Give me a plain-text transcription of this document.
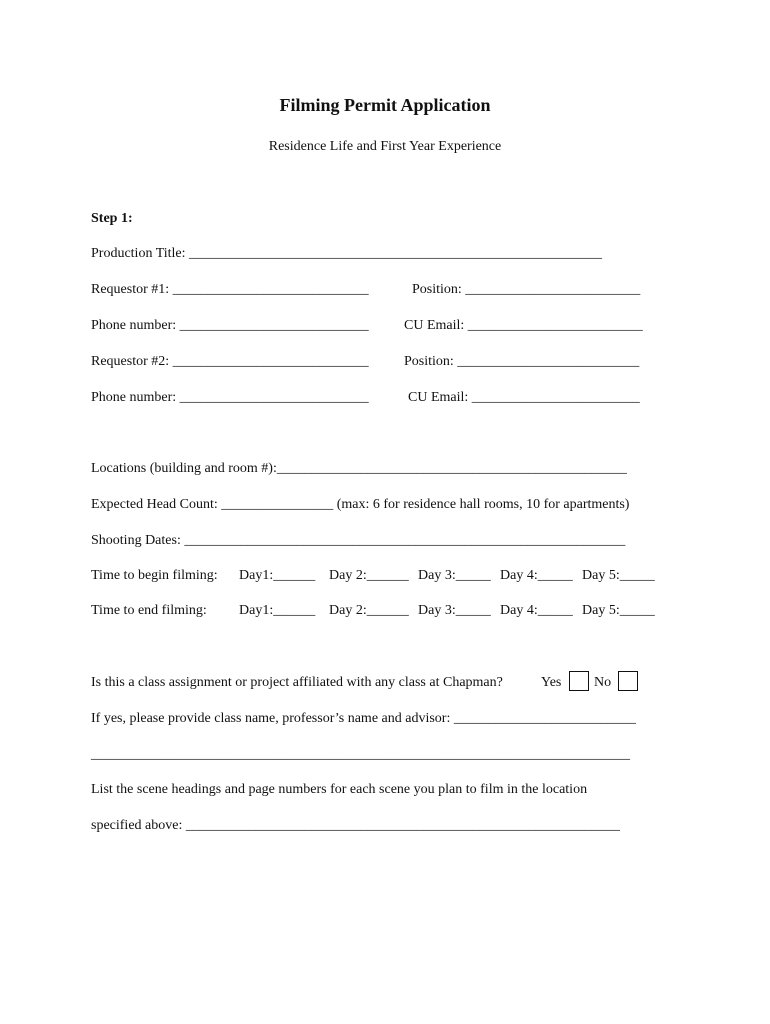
Filming Permit Application
Residence Life and First Year Experience
Step 1:
Production Title: ___________________________________________________________
Requestor #1: ____________________________	Position: _________________________
Phone number: ___________________________	CU Email: _________________________
Requestor #2: ____________________________	Position: __________________________
Phone number: ___________________________	CU Email: ________________________
Locations (building and room #):__________________________________________________
Expected Head Count: ________________ (max: 6 for residence hall rooms, 10 for apartments)
Shooting Dates: _______________________________________________________________
Time to begin filming: Day1:______ Day 2:______ Day 3:_____ Day 4:_____ Day 5:_____
Time to end filming: Day1:______ Day 2:______ Day 3:_____ Day 4:_____ Day 5:_____
Is this a class assignment or project affiliated with any class at Chapman?	Yes No
If yes, please provide class name, professor’s name and advisor: __________________________
_____________________________________________________________________________
List the scene headings and page numbers for each scene you plan to film in the location
specified above: ______________________________________________________________
